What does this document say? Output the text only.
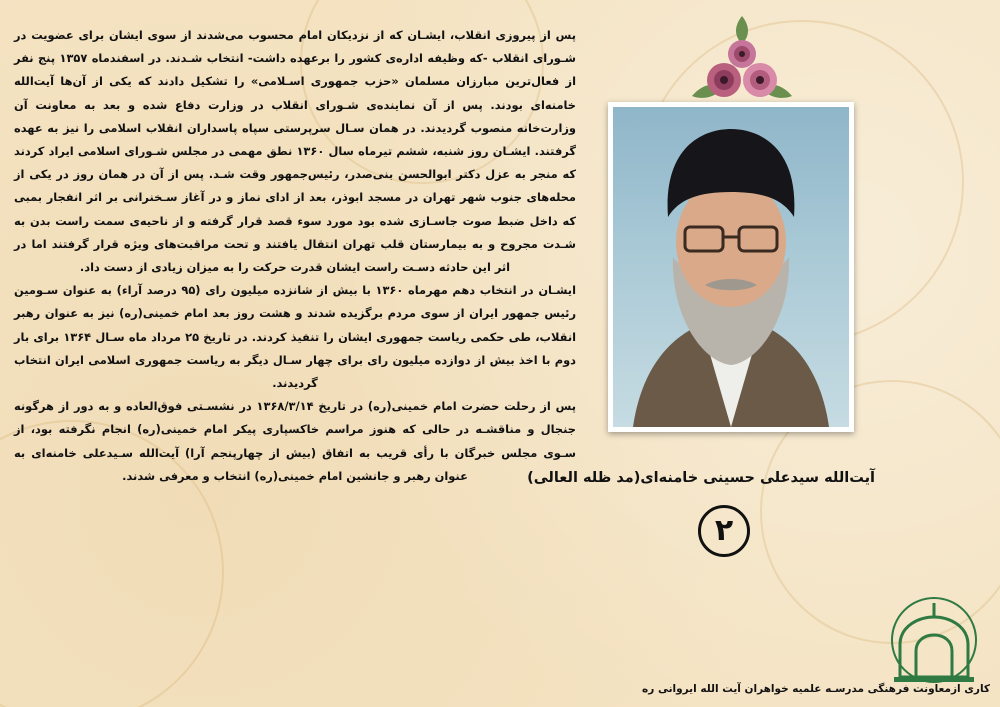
پس از پیروزی انقلاب، ایشـان که از نزدیکان امام محسوب می‌شدند از سوی ایشان برای عضویت در شـورای انقلاب -که وظیفه اداره‌ی کشور را برعهده داشت- انتخاب شـدند. در اسفندماه ۱۳۵۷ پنج نفر از فعال‌ترین مبارزان مسلمان «حزب جمهوری اسـلامی» را تشکیل دادند که یکی از آن‌ها آیت‌الله خامنه‌ای بودند. پس از آن نماینده‌ی شـورای انقلاب در وزارت دفاع شده و بعد به معاونت آن وزارت‌خانه منصوب گردیدند. در همان سـال سرپرستی سپاه پاسداران انقلاب اسلامی را نیز به عهده گرفتند. ایشـان روز شنبه، ششم تیرماه سال ۱۳۶۰ نطق مهمی در مجلس شـورای اسلامی ایراد کردند که منجر به عزل دکتر ابوالحسن بنی‌صدر، رئیس‌جمهور وقت شـد. پس از آن در همان روز در یکی از محله‌های جنوب شهر تهران در مسجد ابوذر، بعد از ادای نماز و در آغاز سـخنرانی بر اثر انفجار بمبی که داخل ضبط صوت جاسـازی شده بود مورد سوء قصد قرار گرفته و از ناحیه‌ی سمت راست بدن به شـدت مجروح و به بیمارستان قلب تهران انتقال یافتند و تحت مراقبت‌های ویژه قرار گرفتند اما در اثر این حادثه دسـت راست ایشان قدرت حرکت را به میزان زیادی از دست داد.

ایشـان در انتخاب دهم مهرماه ۱۳۶۰ با بیش از شانزده میلیون رای (۹۵ درصد آراء) به عنوان سـومین رئیس جمهور ایران از سوی مردم برگزیده شدند و هشت روز بعد امام خمینی(ره) نیز به عنوان رهبر انقلاب، طی حکمی ریاست جمهوری ایشان را تنفیذ کردند. در تاریخ ۲۵ مرداد ماه سـال ۱۳۶۴ برای بار دوم با اخذ بیش از دوازده میلیون رای برای چهار سـال دیگر به ریاست جمهوری اسلامی ایران انتخاب گردیدند.

پس از رحلت حضرت امام خمینی(ره) در تاریخ ۱۳۶۸/۳/۱۴ در نشسـتی فوق‌العاده و به دور از هرگونه جنجال و مناقشـه در حالی که هنوز مراسم خاکسپاری پیکر امام خمینی(ره) انجام نگرفته بود، از سـوی مجلس خبرگان با رأی قریب به اتفاق (بیش از چهارپنجم آرا) آیت‌الله سـیدعلی خامنه‌ای به عنوان رهبر و جانشین امام خمینی(ره) انتخاب و معرفی شدند.	آیت‌الله سیدعلی حسینی خامنه‌ای(مد ظله العالی)
۲
کاری ازمعاونت فرهنگی مدرسـه علمیه خواهران آیت الله ایروانی ره
